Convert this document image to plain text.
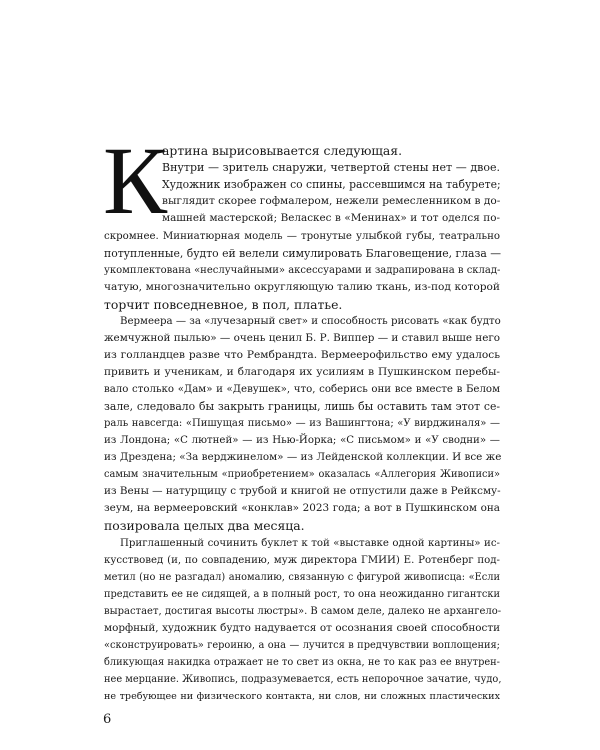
К
артина вырисовывается следующая.
Внутри — зритель снаружи, четвертой стены нет — двое.
Художник изображен со спины, рассевшимся на табурете;
выглядит скорее гофмалером, нежели ремесленником в до-
машней мастерской; Веласкес в «Менинах» и тот оделся по-
скромнее. Миниатюрная модель — тронутые улыбкой губы, театрально
потупленные, будто ей велели симулировать Благовещение, глаза —
укомплектована «неслучайными» аксессуарами и задрапирована в склад-
чатую, многозначительно округляющую талию ткань, из-под которой
торчит повседневное, в пол, платье.
Вермеера — за «лучезарный свет» и способность рисовать «как будто
жемчужной пылью» — очень ценил Б. Р. Виппер — и ставил выше него
из голландцев разве что Рембрандта. Вермеерофильство ему удалось
привить и ученикам, и благодаря их усилиям в Пушкинском перебы-
вало столько «Дам» и «Девушек», что, соберись они все вместе в Белом
зале, следовало бы закрыть границы, лишь бы оставить там этот се-
раль навсегда: «Пишущая письмо» — из Вашингтона; «У вирджиналя» —
из Лондона; «С лютней» — из Нью-Йорка; «С письмом» и «У сводни» —
из Дрездена; «За верджинелом» — из Лейденской коллекции. И все же
самым значительным «приобретением» оказалась «Аллегория Живописи»
из Вены — натурщицу с трубой и книгой не отпустили даже в Рейксму-
зеум, на вермееровский «конклав» 2023 года; а вот в Пушкинском она
позировала целых два месяца.
Приглашенный сочинить буклет к той «выставке одной картины» ис-
кусствовед (и, по совпадению, муж директора ГМИИ) Е. Ротенберг под-
метил (но не разгадал) аномалию, связанную с фигурой живописца: «Если
представить ее не сидящей, а в полный рост, то она неожиданно гигантски
вырастает, достигая высоты люстры». В самом деле, далеко не архангело-
морфный, художник будто надувается от осознания своей способности
«сконструировать» героиню, а она — лучится в предчувствии воплощения;
бликующая накидка отражает не то свет из окна, не то как раз ее внутрен-
нее мерцание. Живопись, подразумевается, есть непорочное зачатие, чудо,
не требующее ни физического контакта, ни слов, ни сложных пластических
6
